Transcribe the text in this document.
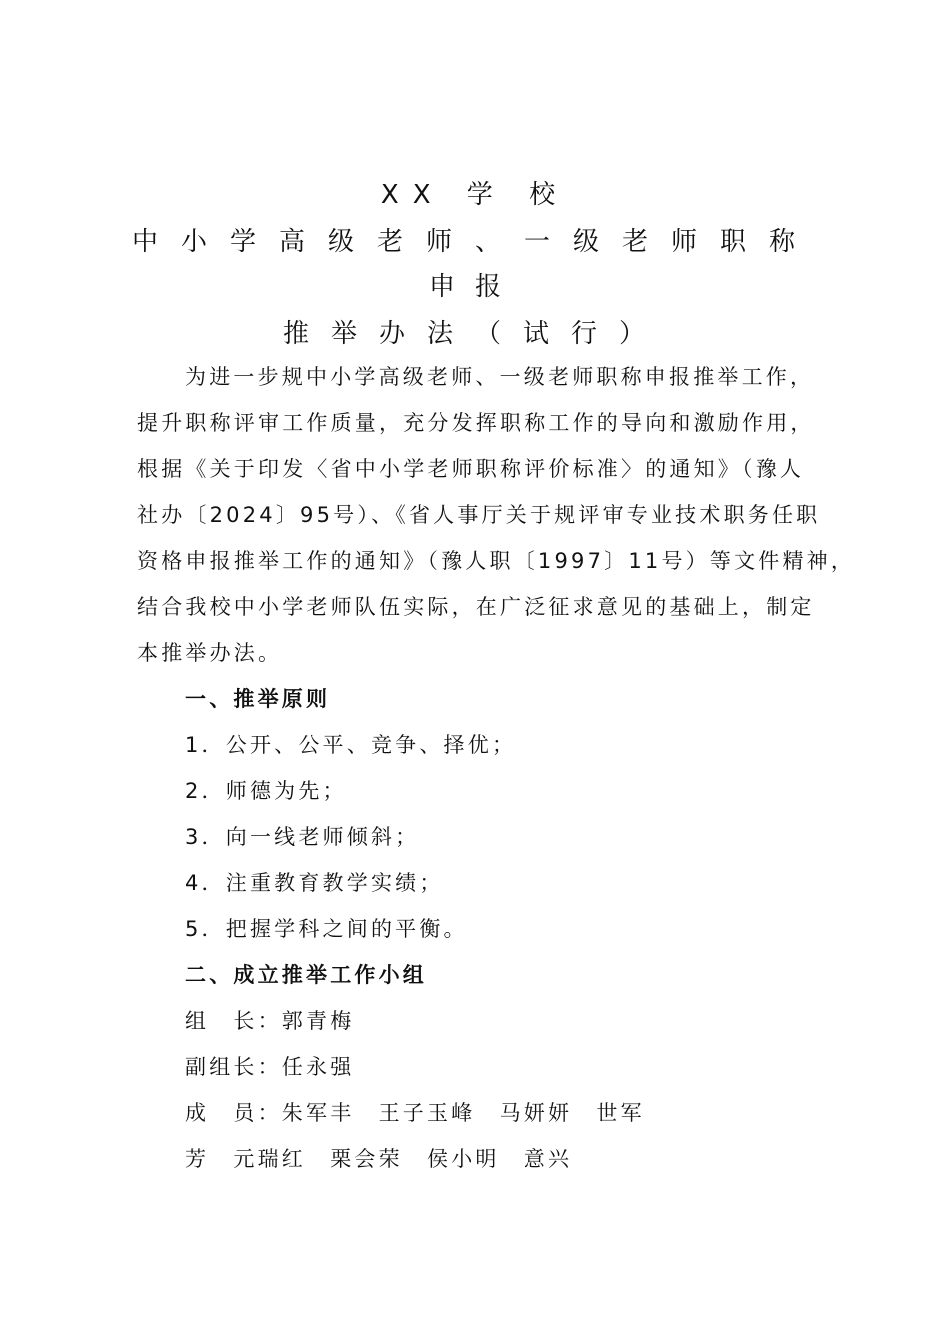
XX 学 校
中小学高级老师、一级老师职称
申报
推举办法（试行）
为进一步规中小学高级老师、一级老师职称申报推举工作，
提升职称评审工作质量，充分发挥职称工作的导向和激励作用，
根据《关于印发〈省中小学老师职称评价标准〉的通知》（豫人
社办〔2024〕95号）、《省人事厅关于规评审专业技术职务任职
资格申报推举工作的通知》（豫人职〔1997〕11号）等文件精神，
结合我校中小学老师队伍实际，在广泛征求意见的基础上，制定
本推举办法。
一、推举原则
1．公开、公平、竞争、择优；
2．师德为先；
3．向一线老师倾斜；
4．注重教育教学实绩；
5．把握学科之间的平衡。
二、成立推举工作小组
组　长：郭青梅
副组长：任永强
成　员：朱军丰　王子玉峰　马妍妍　世军
芳　元瑞红　栗会荣　侯小明　意兴
